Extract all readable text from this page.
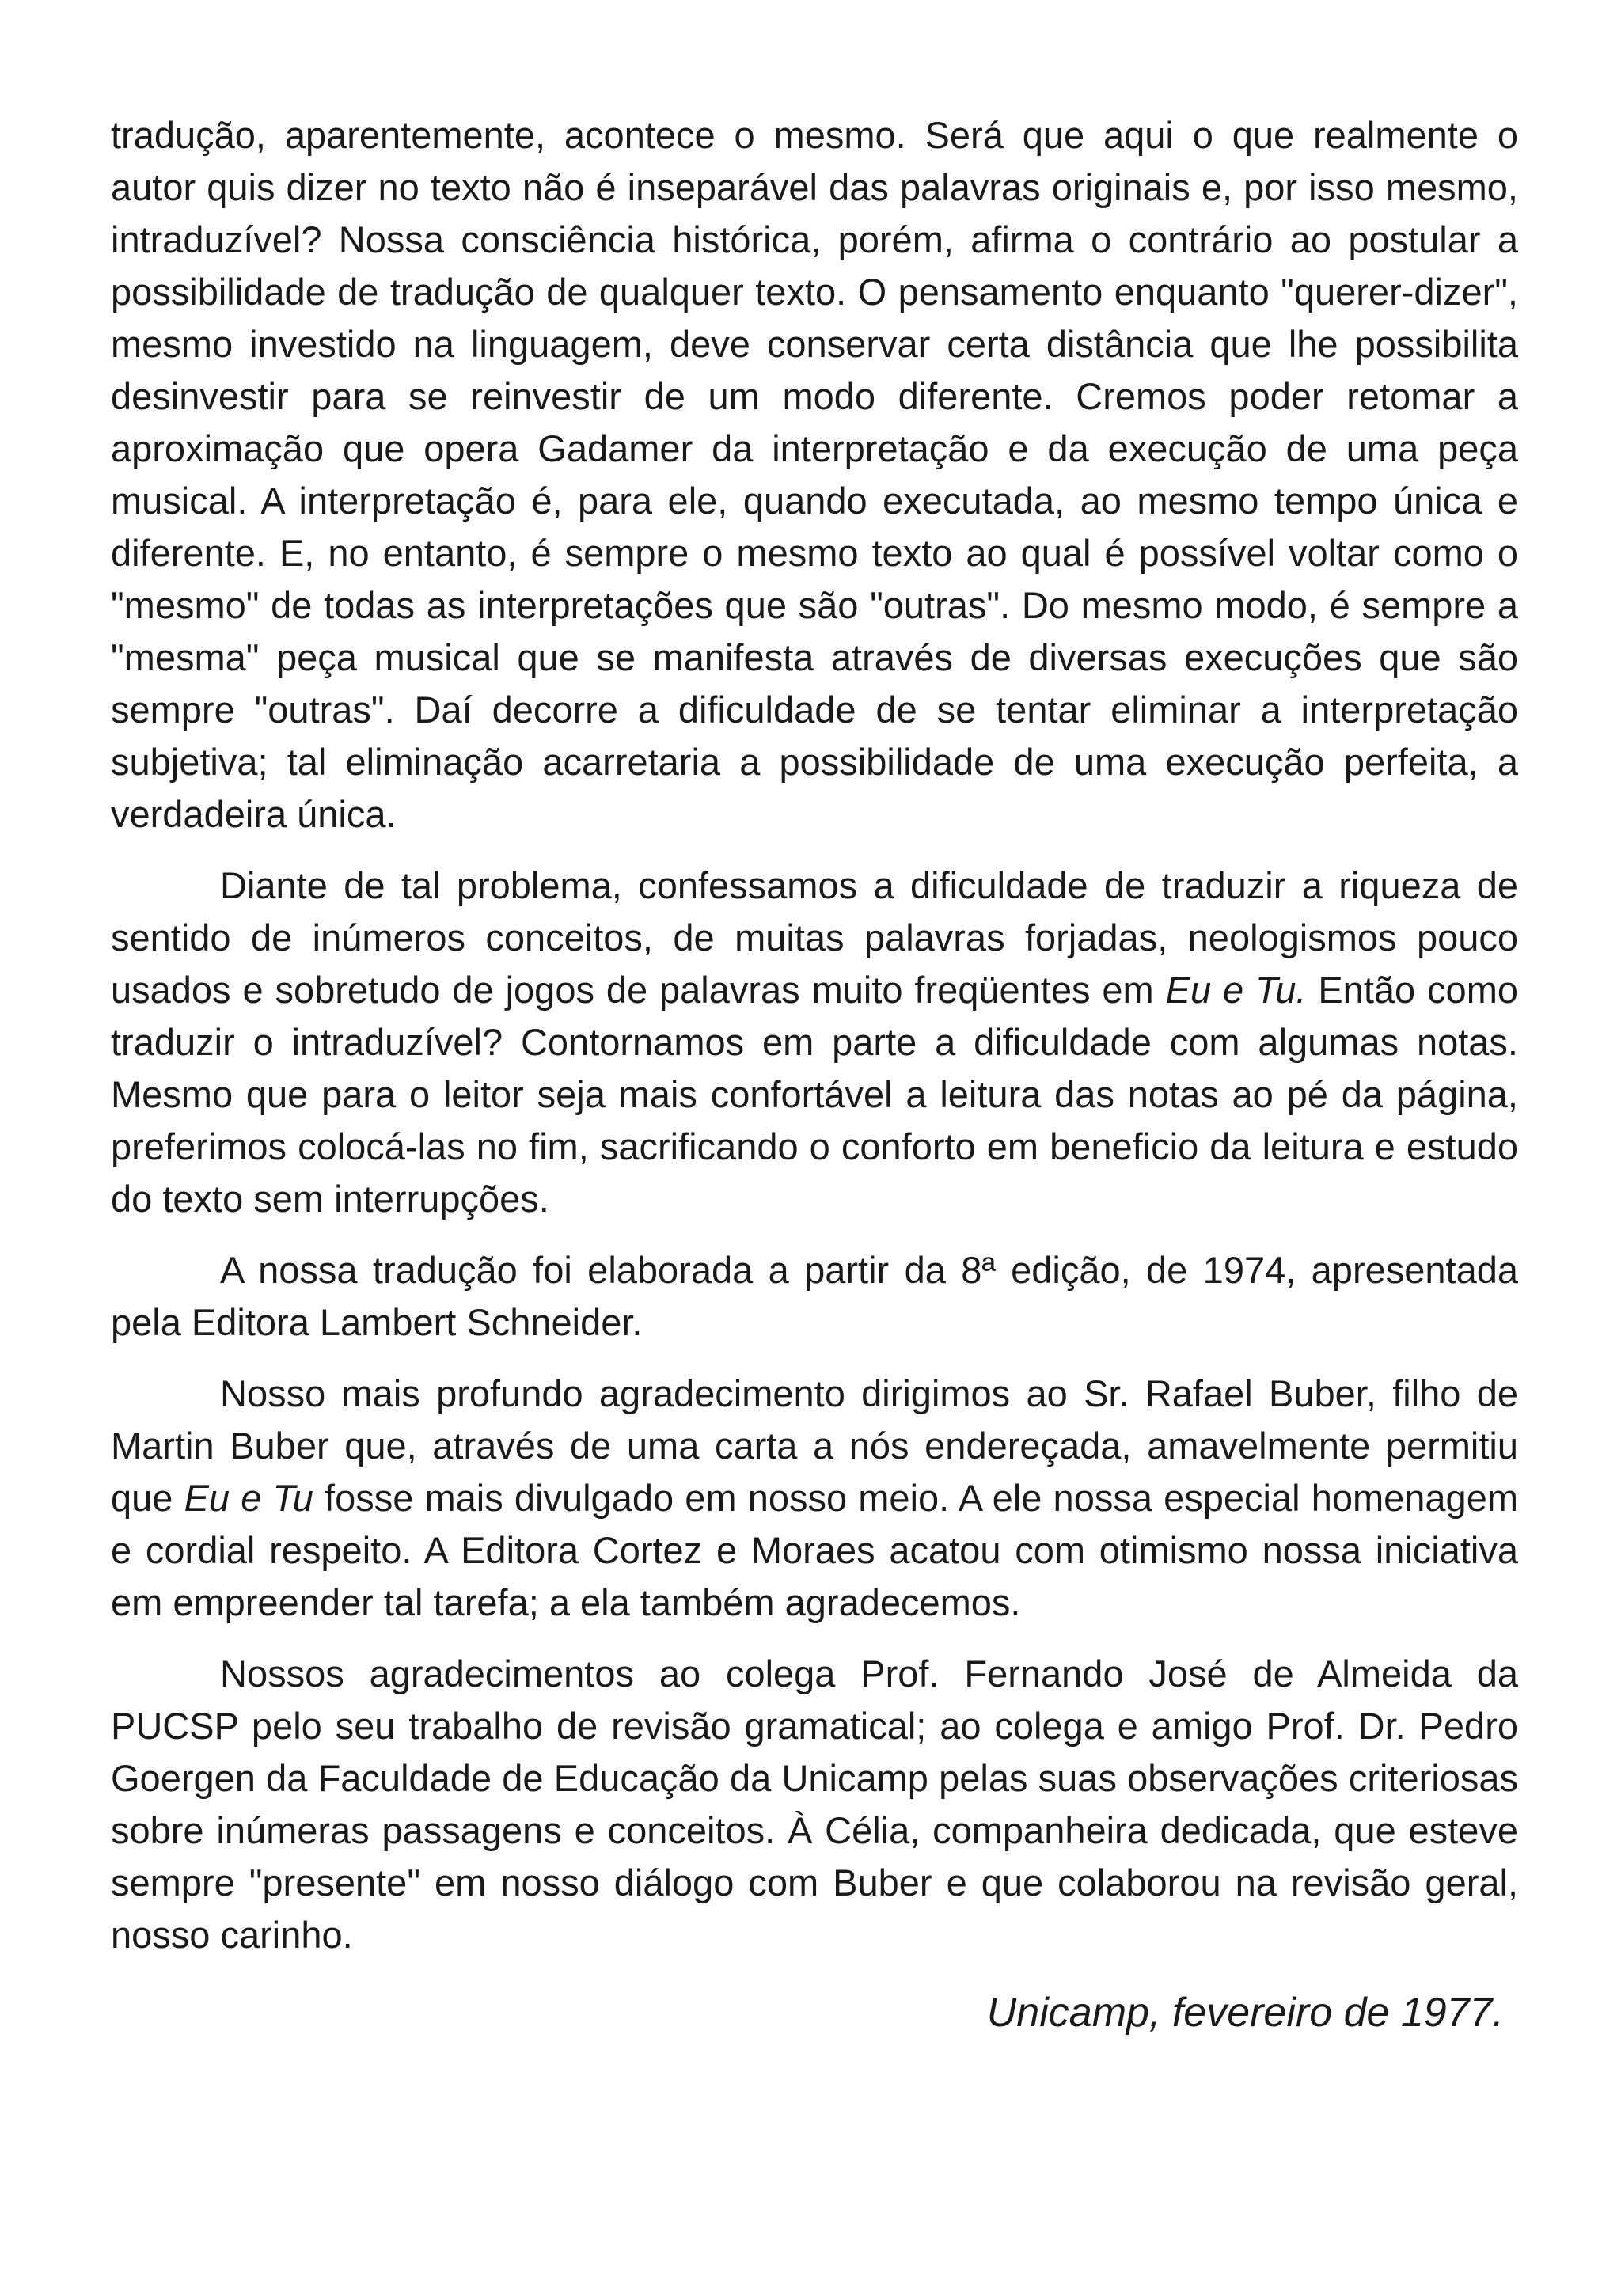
tradução, aparentemente, acontece o mesmo. Será que aqui o que realmente o autor quis dizer no texto não é inseparável das palavras originais e, por isso mesmo, intraduzível? Nossa consciência histórica, porém, afirma o contrário ao postular a possibilidade de tradução de qualquer texto. O pensamento enquanto "querer-dizer", mesmo investido na linguagem, deve conservar certa distância que lhe possibilita desinvestir para se reinvestir de um modo diferente. Cremos poder retomar a aproximação que opera Gadamer da interpretação e da execução de uma peça musical. A interpretação é, para ele, quando executada, ao mesmo tempo única e diferente. E, no entanto, é sempre o mesmo texto ao qual é possível voltar como o "mesmo" de todas as interpretações que são "outras". Do mesmo modo, é sempre a "mesma" peça musical que se manifesta através de diversas execuções que são sempre "outras". Daí decorre a dificuldade de se tentar eliminar a interpretação subjetiva; tal eliminação acarretaria a possibilidade de uma execução perfeita, a verdadeira única.

Diante de tal problema, confessamos a dificuldade de traduzir a riqueza de sentido de inúmeros conceitos, de muitas palavras forjadas, neologismos pouco usados e sobretudo de jogos de palavras muito freqüentes em Eu e Tu. Então como traduzir o intraduzível? Contornamos em parte a dificuldade com algumas notas. Mesmo que para o leitor seja mais confortável a leitura das notas ao pé da página, preferimos colocá-las no fim, sacrificando o conforto em beneficio da leitura e estudo do texto sem interrupções.

A nossa tradução foi elaborada a partir da 8ª edição, de 1974, apresentada pela Editora Lambert Schneider.

Nosso mais profundo agradecimento dirigimos ao Sr. Rafael Buber, filho de Martin Buber que, através de uma carta a nós endereçada, amavelmente permitiu que Eu e Tu fosse mais divulgado em nosso meio. A ele nossa especial homenagem e cordial respeito. A Editora Cortez e Moraes acatou com otimismo nossa iniciativa em empreender tal tarefa; a ela também agradecemos.

Nossos agradecimentos ao colega Prof. Fernando José de Almeida da PUCSP pelo seu trabalho de revisão gramatical; ao colega e amigo Prof. Dr. Pedro Goergen da Faculdade de Educação da Unicamp pelas suas observações criteriosas sobre inúmeras passagens e conceitos. À Célia, companheira dedicada, que esteve sempre "presente" em nosso diálogo com Buber e que colaborou na revisão geral, nosso carinho.

Unicamp, fevereiro de 1977.
